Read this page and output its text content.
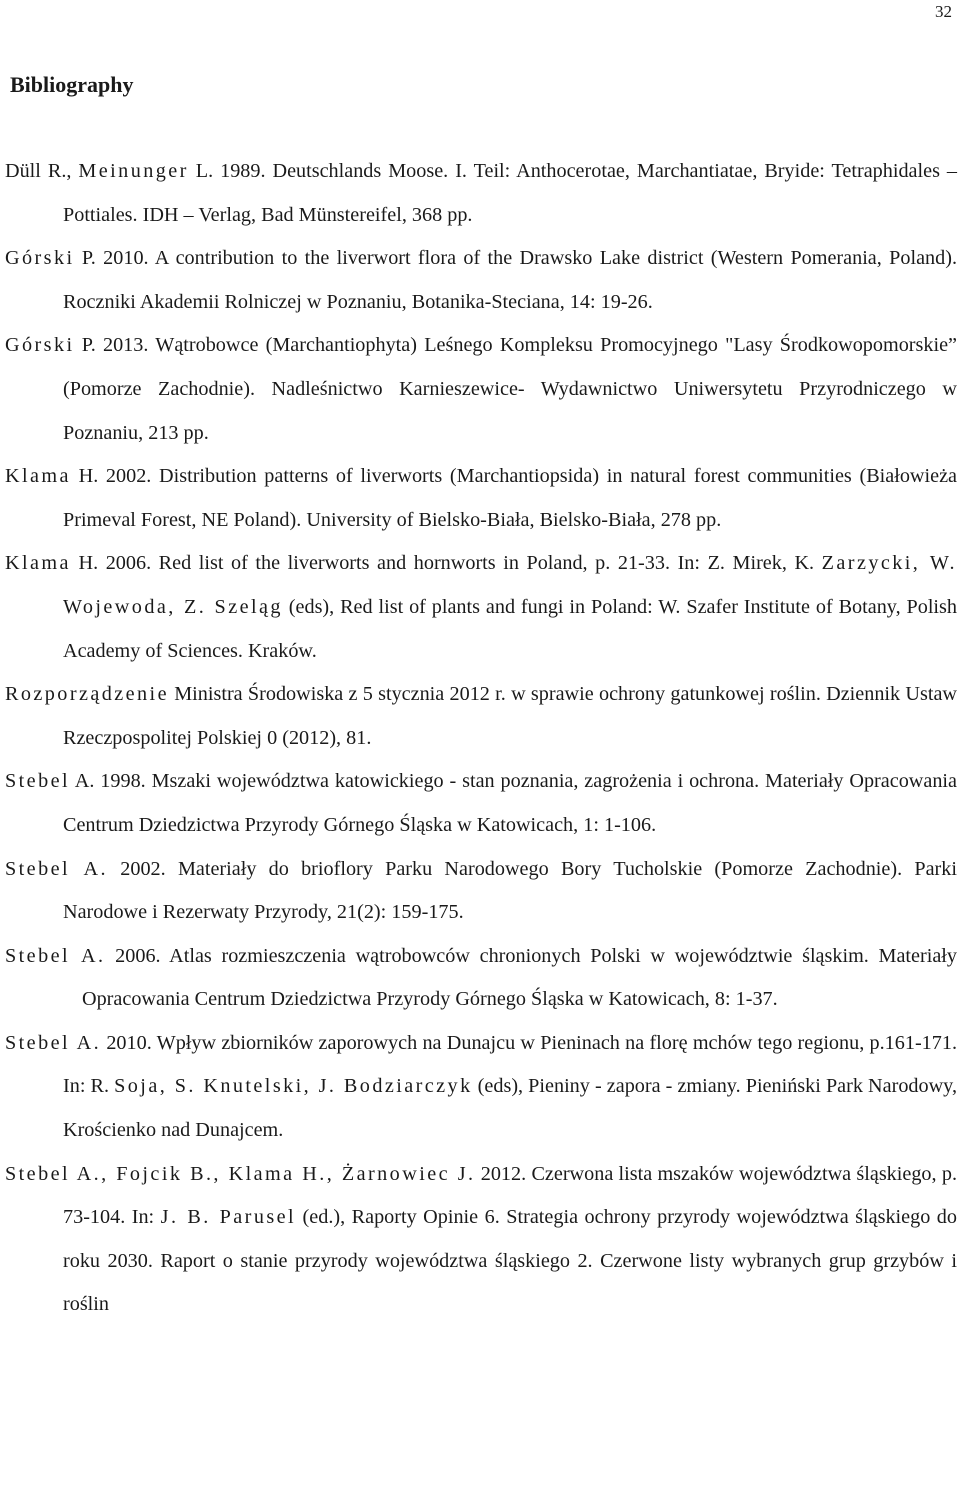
32
Bibliography

Düll R., Meinunger L. 1989. Deutschlands Moose. I. Teil: Anthocerotae, Marchantiatae, Bryide: Tetraphidales – Pottiales. IDH – Verlag, Bad Münstereifel, 368 pp.

Górski P. 2010. A contribution to the liverwort flora of the Drawsko Lake district (Western Pomerania, Poland). Roczniki Akademii Rolniczej w Poznaniu, Botanika-Steciana, 14: 19-26.

Górski P. 2013. Wątrobowce (Marchantiophyta) Leśnego Kompleksu Promocyjnego "Lasy Środkowopomorskie” (Pomorze Zachodnie). Nadleśnictwo Karnieszewice- Wydawnictwo Uniwersytetu Przyrodniczego w Poznaniu, 213 pp.

Klama H. 2002. Distribution patterns of liverworts (Marchantiopsida) in natural forest communities (Białowieża Primeval Forest, NE Poland). University of Bielsko-Biała, Bielsko-Biała, 278 pp.

Klama H. 2006. Red list of the liverworts and hornworts in Poland, p. 21-33. In: Z. Mirek, K. Zarzycki, W. Wojewoda, Z. Szeląg (eds), Red list of plants and fungi in Poland: W. Szafer Institute of Botany, Polish Academy of Sciences. Kraków.

Rozporządzenie Ministra Środowiska z 5 stycznia 2012 r. w sprawie ochrony gatunkowej roślin. Dziennik Ustaw Rzeczpospolitej Polskiej 0 (2012), 81.

Stebel A. 1998. Mszaki województwa katowickiego - stan poznania, zagrożenia i ochrona. Materiały Opracowania Centrum Dziedzictwa Przyrody Górnego Śląska w Katowicach, 1: 1-106.

Stebel A. 2002. Materiały do brioflory Parku Narodowego Bory Tucholskie (Pomorze Zachodnie). Parki Narodowe i Rezerwaty Przyrody, 21(2): 159-175.

Stebel A. 2006. Atlas rozmieszczenia wątrobowców chronionych Polski w województwie śląskim. Materiały Opracowania Centrum Dziedzictwa Przyrody Górnego Śląska w Katowicach, 8: 1-37.

Stebel A. 2010. Wpływ zbiorników zaporowych na Dunajcu w Pieninach na florę mchów tego regionu, p.161-171. In: R. Soja, S. Knutelski, J. Bodziarczyk (eds), Pieniny - zapora - zmiany. Pieniński Park Narodowy, Krościenko nad Dunajcem.

Stebel A., Fojcik B., Klama H., Żarnowiec J. 2012. Czerwona lista mszaków województwa śląskiego, p. 73-104. In: J. B. Parusel (ed.), Raporty Opinie 6. Strategia ochrony przyrody województwa śląskiego do roku 2030. Raport o stanie przyrody województwa śląskiego 2. Czerwone listy wybranych grup grzybów i roślin
